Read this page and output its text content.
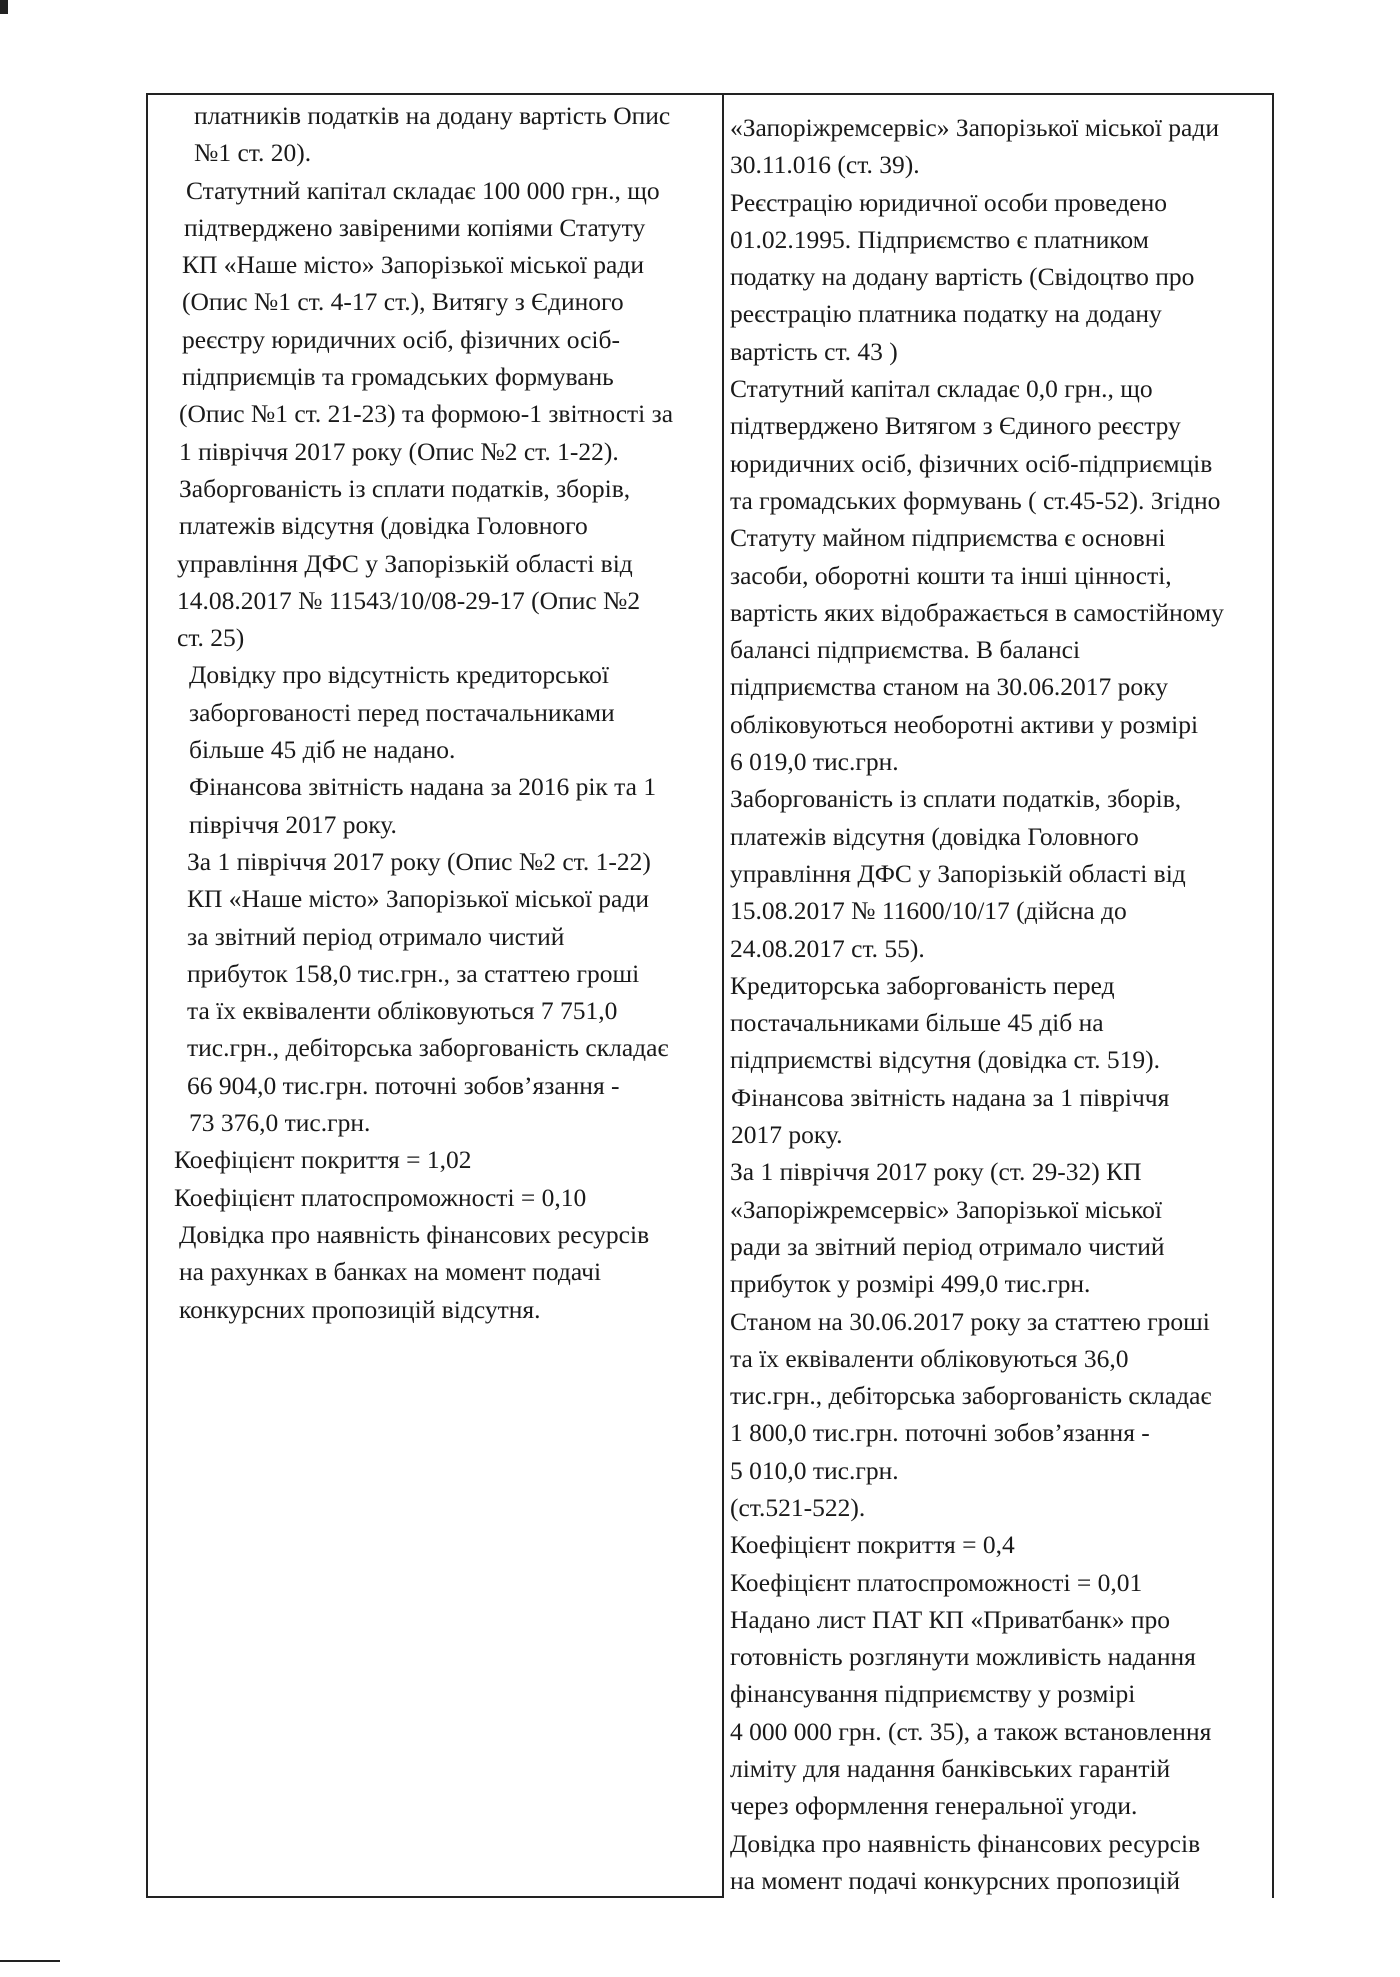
платників податків на додану вартість Опис

№1 ст. 20).

Статутний капітал складає 100 000 грн., що

підтверджено завіреними копіями Статуту

КП «Наше місто» Запорізької міської ради

(Опис №1 ст. 4-17 ст.), Витягу з Єдиного

реєстру юридичних осіб, фізичних осіб-

підприємців та громадських формувань

(Опис №1 ст. 21-23) та формою-1 звітності за

1 півріччя 2017 року (Опис №2 ст. 1-22).

Заборгованість із сплати податків, зборів,

платежів відсутня (довідка Головного

управління ДФС у Запорізькій області від

14.08.2017 № 11543/10/08-29-17 (Опис №2

ст. 25)

Довідку про відсутність кредиторської

заборгованості перед постачальниками

більше 45 діб не надано.

Фінансова звітність надана за 2016 рік та 1

півріччя 2017 року.

За 1 півріччя 2017 року (Опис №2 ст. 1-22)

КП «Наше місто» Запорізької міської ради

за звітний період отримало чистий

прибуток 158,0 тис.грн., за статтею гроші

та їх еквіваленти обліковуються 7 751,0

тис.грн., дебіторська заборгованість складає

66 904,0 тис.грн. поточні зобов’язання -

73 376,0 тис.грн.

Коефіцієнт покриття = 1,02

Коефіцієнт платоспроможності = 0,10

Довідка про наявність фінансових ресурсів

на рахунках в банках на момент подачі

конкурсних пропозицій відсутня.

«Запоріжремсервіс» Запорізької міської ради

30.11.016 (ст. 39).

Реєстрацію юридичної особи проведено

01.02.1995. Підприємство є платником

податку на додану вартість (Свідоцтво про

реєстрацію платника податку на додану

вартість ст. 43 )

Статутний капітал складає 0,0 грн., що

підтверджено Витягом з Єдиного реєстру

юридичних осіб, фізичних осіб-підприємців

та громадських формувань ( ст.45-52). Згідно

Статуту майном підприємства є основні

засоби, оборотні кошти та інші цінності,

вартість яких відображається в самостійному

балансі підприємства. В балансі

підприємства станом на 30.06.2017 року

обліковуються необоротні активи у розмірі

6 019,0 тис.грн.

Заборгованість із сплати податків, зборів,

платежів відсутня (довідка Головного

управління ДФС у Запорізькій області від

15.08.2017 № 11600/10/17 (дійсна до

24.08.2017 ст. 55).

Кредиторська заборгованість перед

постачальниками більше 45 діб на

підприємстві відсутня (довідка ст. 519).

Фінансова звітність надана за 1 півріччя

2017 року.

За 1 півріччя 2017 року (ст. 29-32) КП

«Запоріжремсервіс» Запорізької міської

ради за звітний період отримало чистий

прибуток у розмірі 499,0 тис.грн.

Станом на 30.06.2017 року за статтею гроші

та їх еквіваленти обліковуються 36,0

тис.грн., дебіторська заборгованість складає

1 800,0 тис.грн. поточні зобов’язання -

5 010,0 тис.грн.

(ст.521-522).

Коефіцієнт покриття = 0,4

Коефіцієнт платоспроможності = 0,01

Надано лист ПАТ КП «Приватбанк» про

готовність розглянути можливість надання

фінансування підприємству у розмірі

4 000 000 грн. (ст. 35), а також встановлення

ліміту для надання банківських гарантій

через оформлення генеральної угоди.

Довідка про наявність фінансових ресурсів

на момент подачі конкурсних пропозицій
